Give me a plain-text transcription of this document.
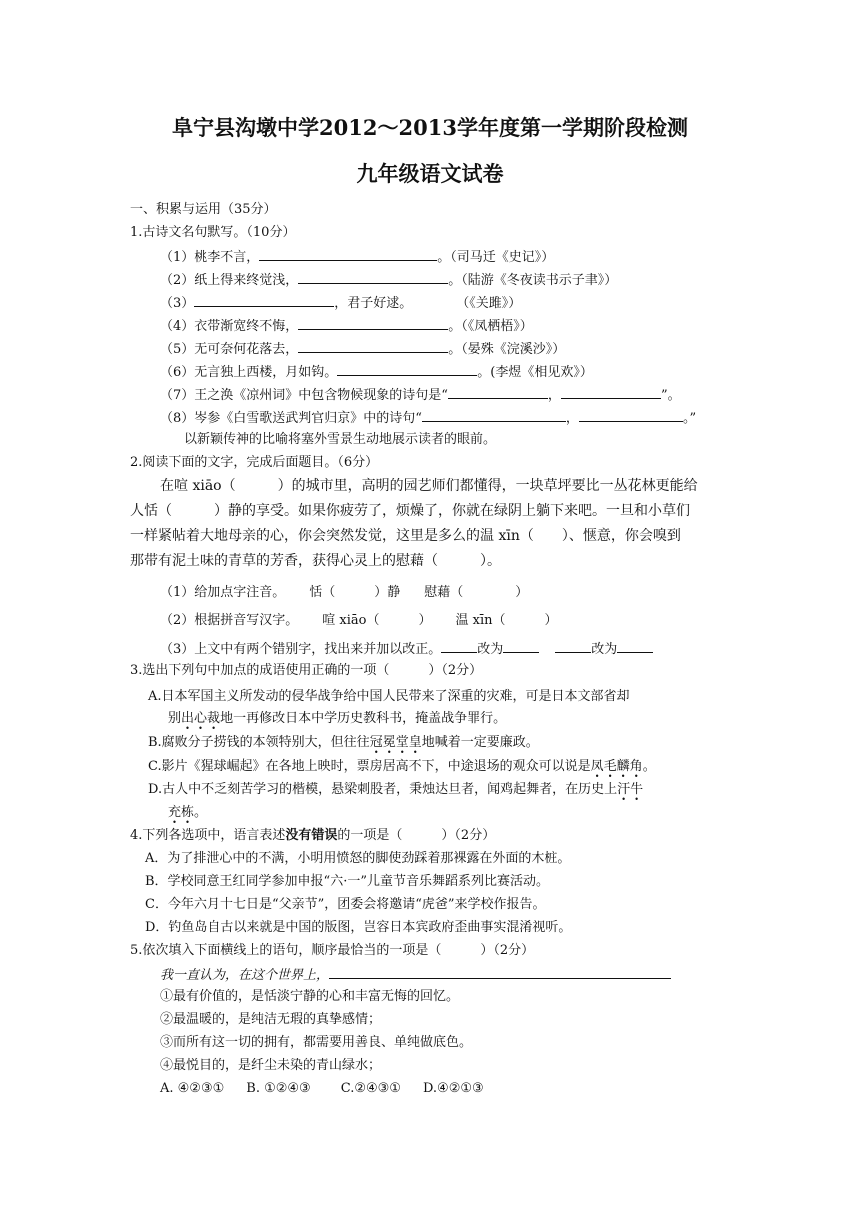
阜宁县沟墩中学2012～2013学年度第一学期阶段检测
九年级语文试卷
一、积累与运用（35分）
1.古诗文名句默写。（10分）
（1）桃李不言，	。（司马迁《史记》）
（2）纸上得来终觉浅，	。（陆游《冬夜读书示子聿》）
（3）	，君子好逑。	（《关雎》）
（4）衣带渐宽终不悔，	。（《凤栖梧》）
（5）无可奈何花落去，	。（晏殊《浣溪沙》）
（6）无言独上西楼，月如钩。	。(李煜《相见欢》）
（7）王之涣《凉州词》中包含物候现象的诗句是“	，	”。
（8）岑参《白雪歌送武判官归京》中的诗句“	，	。”
以新颖传神的比喻将塞外雪景生动地展示读者的眼前。
2.阅读下面的文字，完成后面题目。（6分）
在喧 xiāo（　　　）的城市里，高明的园艺师们都懂得，一块草坪要比一丛花林更能给
人恬（　　　）静的享受。如果你疲劳了，烦燥了，你就在绿阴上躺下来吧。一旦和小草们
一样紧帖着大地母亲的心，你会突然发觉，这里是多么的温 xīn（　　）、惬意，你会嗅到
那带有泥土味的青草的芳香，获得心灵上的慰藉（　　　）。
（1）给加点字注音。 恬（　　　）静 慰藉（　　　　）
（2）根据拼音写汉字。 喧 xiāo（　　　） 温 xīn（　　　）
（3）上文中有两个错别字，找出来并加以改正。	改为	改为
3.选出下列句中加点的成语使用正确的一项（　　　）（2分）
A.日本军国主义所发动的侵华战争给中国人民带来了深重的灾难，可是日本文部省却
别出心裁地一再修改日本中学历史教科书，掩盖战争罪行。
B.腐败分子捞钱的本领特别大，但往往冠冕堂皇地喊着一定要廉政。
C.影片《猩球崛起》在各地上映时，票房居高不下，中途退场的观众可以说是凤毛麟角。
D.古人中不乏刻苦学习的楷模，悬梁刺股者，秉烛达旦者，闻鸡起舞者，在历史上汗牛
充栋。
4.下列各选项中，语言表述没有错误的一项是（　　　）（2分）
A．为了排泄心中的不满，小明用愤怒的脚使劲踩着那裸露在外面的木桩。
B．学校同意王红同学参加申报“六·一”儿童节音乐舞蹈系列比赛活动。
C．今年六月十七日是“父亲节”，团委会将邀请“虎爸”来学校作报告。
D．钓鱼岛自古以来就是中国的版图，岂容日本宾政府歪曲事实混淆视听。
5.依次填入下面横线上的语句，顺序最恰当的一项是（　　　）（2分）
我一直认为，在这个世界上，
①最有价值的，是恬淡宁静的心和丰富无悔的回忆。
②最温暖的，是纯洁无瑕的真挚感情；
③而所有这一切的拥有，都需要用善良、单纯做底色。
④最悦目的，是纤尘未染的青山绿水；
A. ④②③① B. ①②④③ C.②④③① D.④②①③
